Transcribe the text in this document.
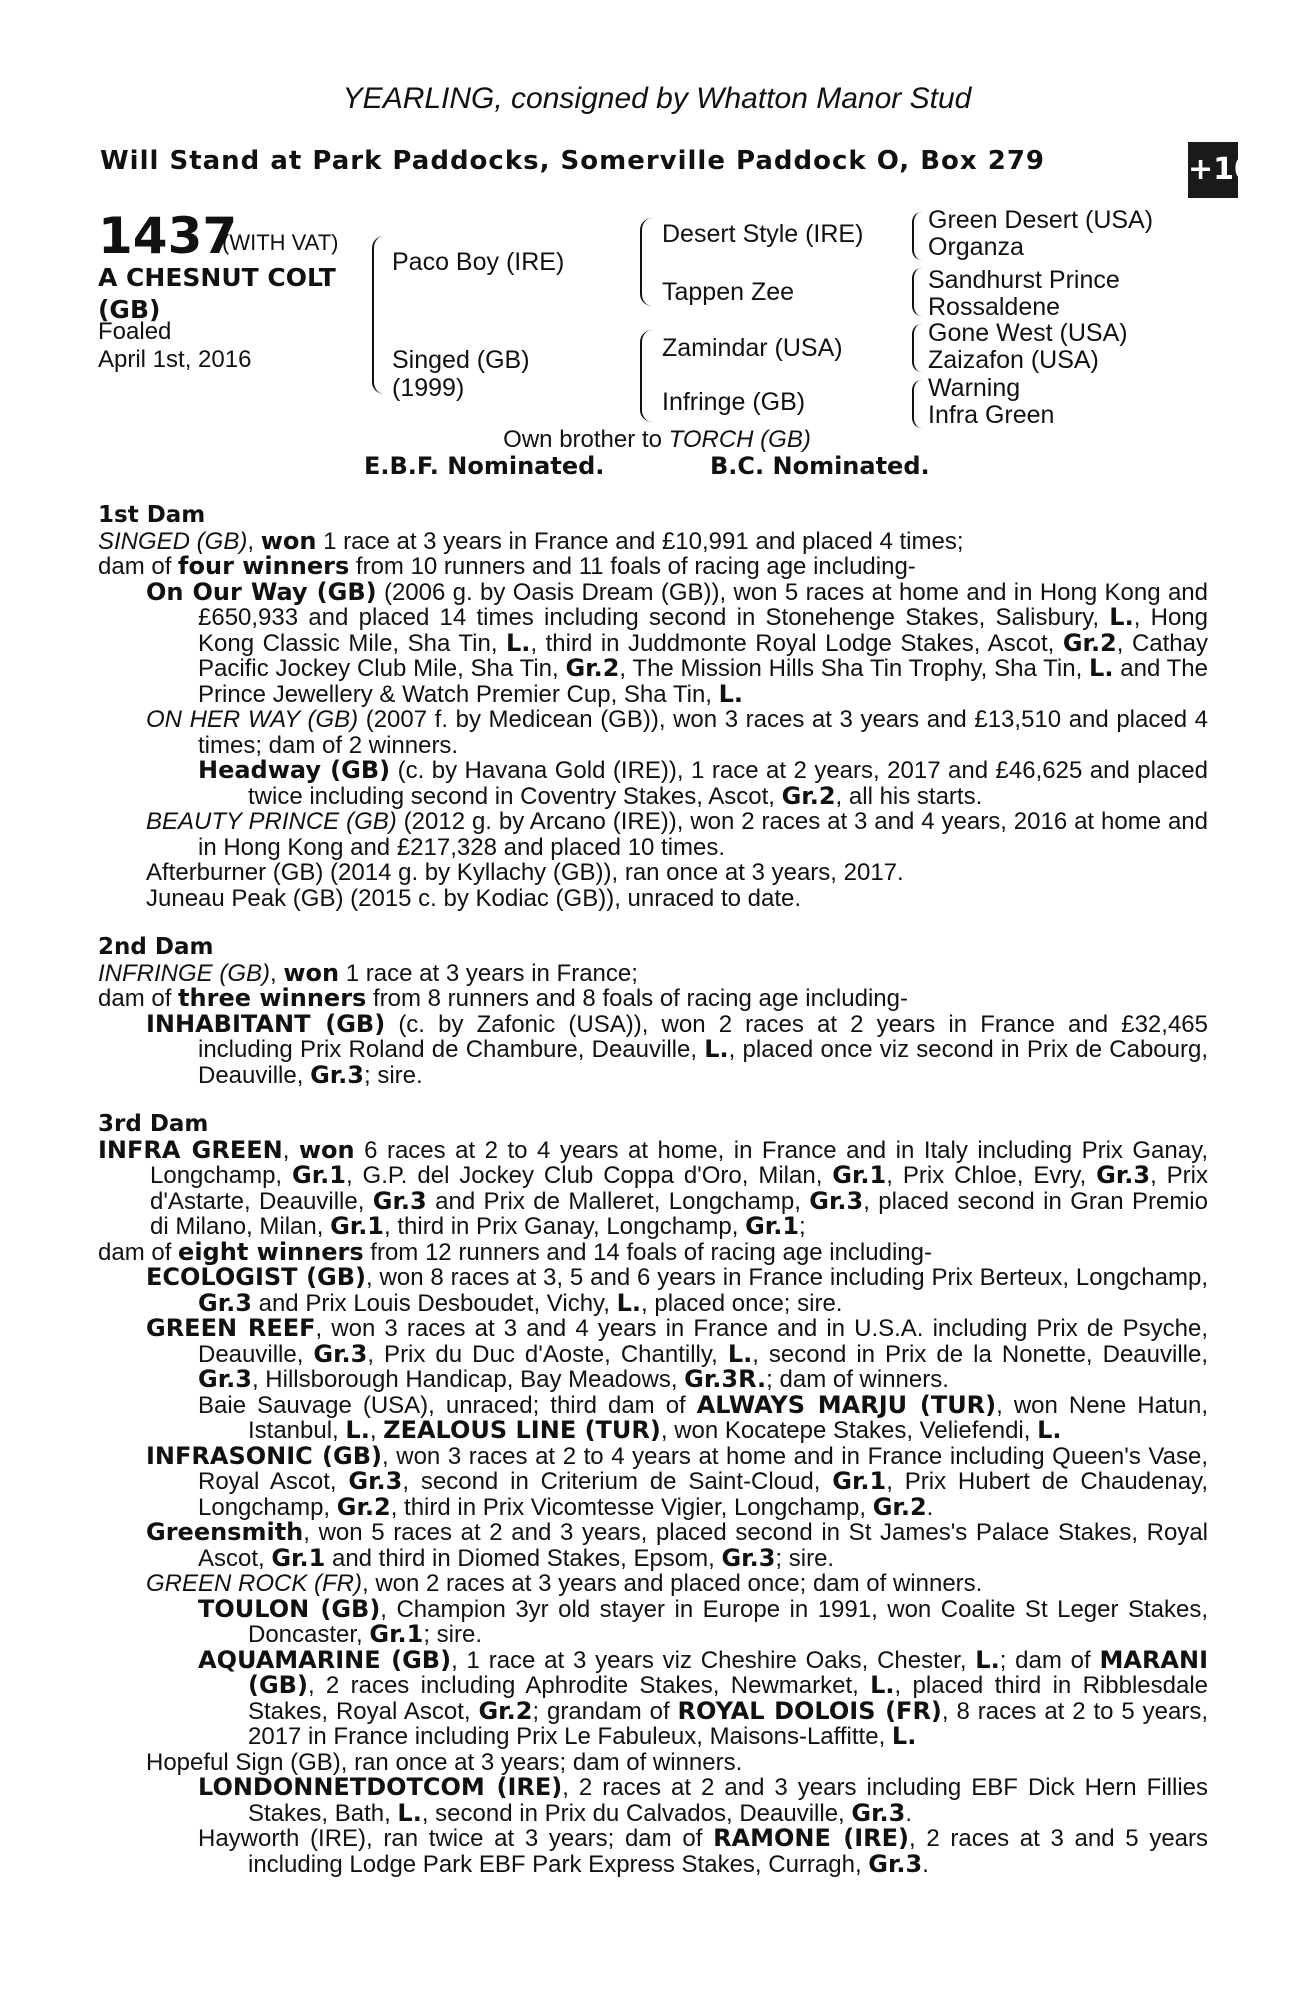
YEARLING, consigned by Whatton Manor Stud
Will Stand at Park Paddocks, Somerville Paddock O, Box 279	+10
1437
(WITH VAT)
A CHESNUT COLT
(GB)
Foaled
April 1st, 2016
Paco Boy (IRE)
Singed (GB)
(1999)
Desert Style (IRE)
Tappen Zee
Zamindar (USA)
Infringe (GB)
Green Desert (USA)
Organza
Sandhurst Prince
Rossaldene
Gone West (USA)
Zaizafon (USA)
Warning
Infra Green
Own brother to TORCH (GB)
E.B.F. Nominated.	B.C. Nominated.
1st Dam
SINGED (GB), won 1 race at 3 years in France and £10,991 and placed 4 times;
dam of four winners from 10 runners and 11 foals of racing age including-
On Our Way (GB) (2006 g. by Oasis Dream (GB)), won 5 races at home and in Hong Kong and £650,933 and placed 14 times including second in Stonehenge Stakes, Salisbury, L., Hong Kong Classic Mile, Sha Tin, L., third in Juddmonte Royal Lodge Stakes, Ascot, Gr.2, Cathay Pacific Jockey Club Mile, Sha Tin, Gr.2, The Mission Hills Sha Tin Trophy, Sha Tin, L. and The Prince Jewellery & Watch Premier Cup, Sha Tin, L.
ON HER WAY (GB) (2007 f. by Medicean (GB)), won 3 races at 3 years and £13,510 and placed 4 times; dam of 2 winners.
Headway (GB) (c. by Havana Gold (IRE)), 1 race at 2 years, 2017 and £46,625 and placed twice including second in Coventry Stakes, Ascot, Gr.2, all his starts.
BEAUTY PRINCE (GB) (2012 g. by Arcano (IRE)), won 2 races at 3 and 4 years, 2016 at home and in Hong Kong and £217,328 and placed 10 times.
Afterburner (GB) (2014 g. by Kyllachy (GB)), ran once at 3 years, 2017.
Juneau Peak (GB) (2015 c. by Kodiac (GB)), unraced to date.
2nd Dam
INFRINGE (GB), won 1 race at 3 years in France;
dam of three winners from 8 runners and 8 foals of racing age including-
INHABITANT (GB) (c. by Zafonic (USA)), won 2 races at 2 years in France and £32,465 including Prix Roland de Chambure, Deauville, L., placed once viz second in Prix de Cabourg, Deauville, Gr.3; sire.
3rd Dam
INFRA GREEN, won 6 races at 2 to 4 years at home, in France and in Italy including Prix Ganay, Longchamp, Gr.1, G.P. del Jockey Club Coppa d'Oro, Milan, Gr.1, Prix Chloe, Evry, Gr.3, Prix d'Astarte, Deauville, Gr.3 and Prix de Malleret, Longchamp, Gr.3, placed second in Gran Premio di Milano, Milan, Gr.1, third in Prix Ganay, Longchamp, Gr.1;
dam of eight winners from 12 runners and 14 foals of racing age including-
ECOLOGIST (GB), won 8 races at 3, 5 and 6 years in France including Prix Berteux, Longchamp, Gr.3 and Prix Louis Desboudet, Vichy, L., placed once; sire.
GREEN REEF, won 3 races at 3 and 4 years in France and in U.S.A. including Prix de Psyche, Deauville, Gr.3, Prix du Duc d'Aoste, Chantilly, L., second in Prix de la Nonette, Deauville, Gr.3, Hillsborough Handicap, Bay Meadows, Gr.3R.; dam of winners.
Baie Sauvage (USA), unraced; third dam of ALWAYS MARJU (TUR), won Nene Hatun, Istanbul, L., ZEALOUS LINE (TUR), won Kocatepe Stakes, Veliefendi, L.
INFRASONIC (GB), won 3 races at 2 to 4 years at home and in France including Queen's Vase, Royal Ascot, Gr.3, second in Criterium de Saint-Cloud, Gr.1, Prix Hubert de Chaudenay, Longchamp, Gr.2, third in Prix Vicomtesse Vigier, Longchamp, Gr.2.
Greensmith, won 5 races at 2 and 3 years, placed second in St James's Palace Stakes, Royal Ascot, Gr.1 and third in Diomed Stakes, Epsom, Gr.3; sire.
GREEN ROCK (FR), won 2 races at 3 years and placed once; dam of winners.
TOULON (GB), Champion 3yr old stayer in Europe in 1991, won Coalite St Leger Stakes, Doncaster, Gr.1; sire.
AQUAMARINE (GB), 1 race at 3 years viz Cheshire Oaks, Chester, L.; dam of MARANI (GB), 2 races including Aphrodite Stakes, Newmarket, L., placed third in Ribblesdale Stakes, Royal Ascot, Gr.2; grandam of ROYAL DOLOIS (FR), 8 races at 2 to 5 years, 2017 in France including Prix Le Fabuleux, Maisons-Laffitte, L.
Hopeful Sign (GB), ran once at 3 years; dam of winners.
LONDONNETDOTCOM (IRE), 2 races at 2 and 3 years including EBF Dick Hern Fillies Stakes, Bath, L., second in Prix du Calvados, Deauville, Gr.3.
Hayworth (IRE), ran twice at 3 years; dam of RAMONE (IRE), 2 races at 3 and 5 years including Lodge Park EBF Park Express Stakes, Curragh, Gr.3.
